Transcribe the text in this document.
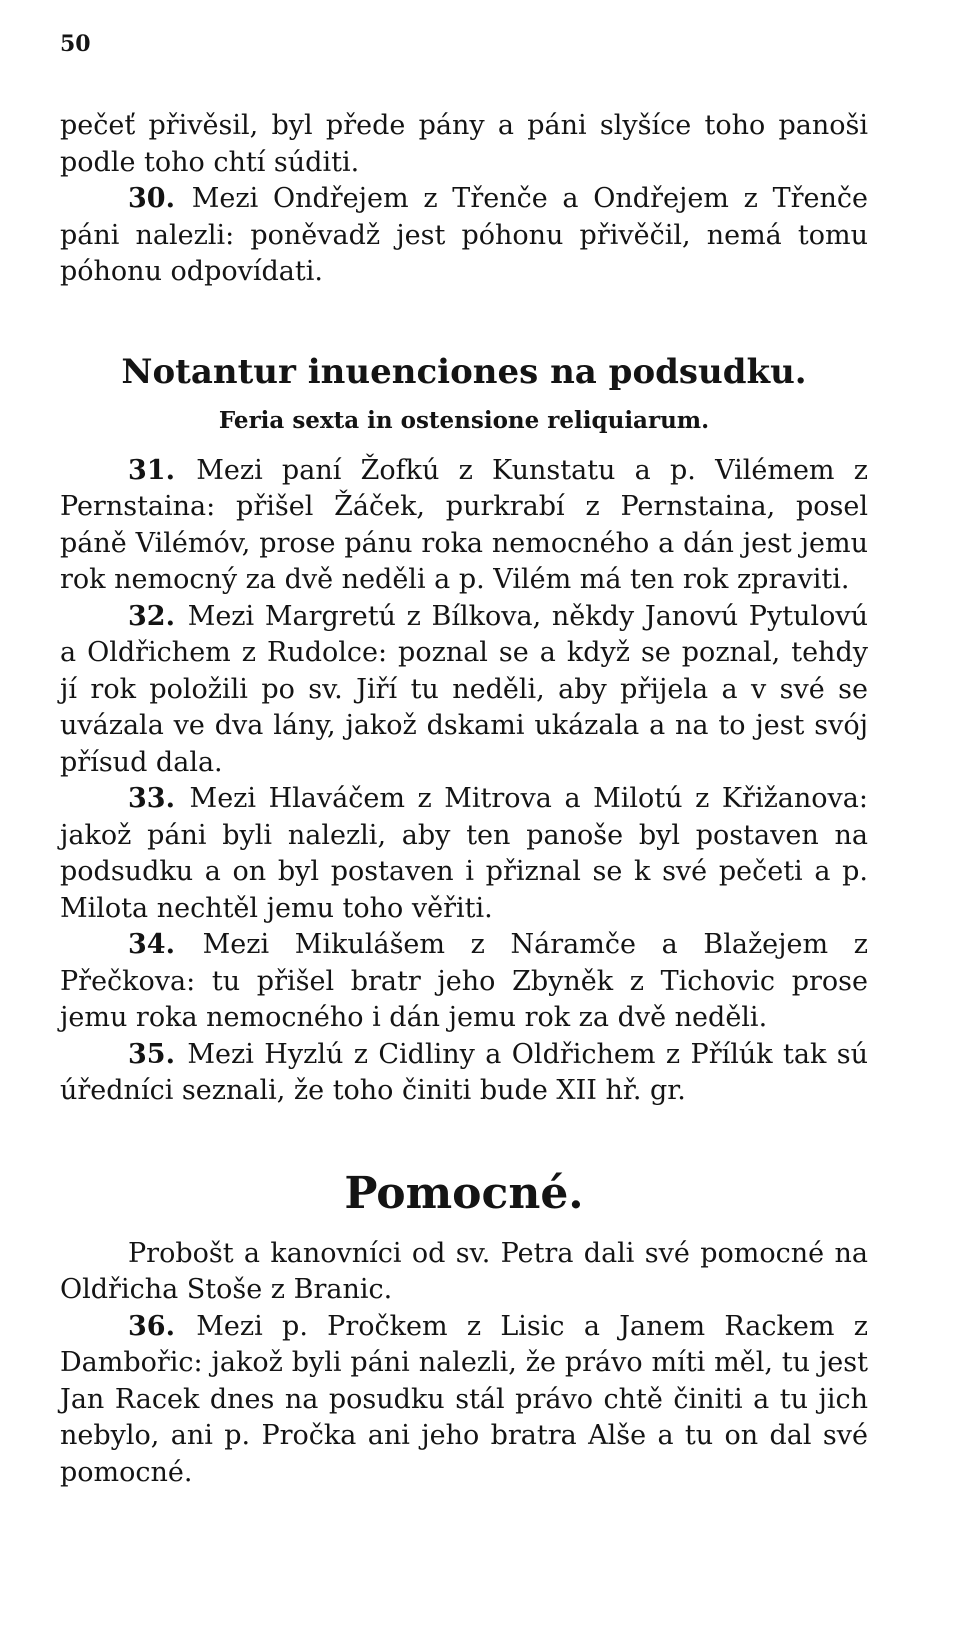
50

pečeť přivěsil, byl přede pány a páni slyšíce toho panoši podle toho chtí súditi.

30. Mezi Ondřejem z Třenče a Ondřejem z Třenče páni nalezli: poněvadž jest póhonu přivěčil, nemá tomu póhonu odpovídati.

Notantur inuenciones na podsudku.
Feria sexta in ostensione reliquiarum.

31. Mezi paní Žofkú z Kunstatu a p. Vilémem z Pernstaina: přišel Žáček, purkrabí z Pernstaina, posel páně Vilémóv, prose pánu roka nemocného a dán jest jemu rok nemocný za dvě neděli a p. Vilém má ten rok zpraviti.

32. Mezi Margretú z Bílkova, někdy Janovú Pytulovú a Oldřichem z Rudolce: poznal se a když se poznal, tehdy jí rok položili po sv. Jiří tu neděli, aby přijela a v své se uvázala ve dva lány, jakož dskami ukázala a na to jest svój přísud dala.

33. Mezi Hlaváčem z Mitrova a Milotú z Křižanova: jakož páni byli nalezli, aby ten panoše byl postaven na podsudku a on byl postaven i přiznal se k své pečeti a p. Milota nechtěl jemu toho věřiti.

34. Mezi Mikulášem z Náramče a Blažejem z Přečkova: tu přišel bratr jeho Zbyněk z Tichovic prose jemu roka nemocného i dán jemu rok za dvě neděli.

35. Mezi Hyzlú z Cidliny a Oldřichem z Přílúk tak sú úředníci seznali, že toho činiti bude XII hř. gr.

Pomocné.

Probošt a kanovníci od sv. Petra dali své pomocné na Oldřicha Stoše z Branic.

36. Mezi p. Pročkem z Lisic a Janem Rackem z Dambořic: jakož byli páni nalezli, že právo míti měl, tu jest Jan Racek dnes na posudku stál právo chtě činiti a tu jich nebylo, ani p. Pročka ani jeho bratra Alše a tu on dal své pomocné.
